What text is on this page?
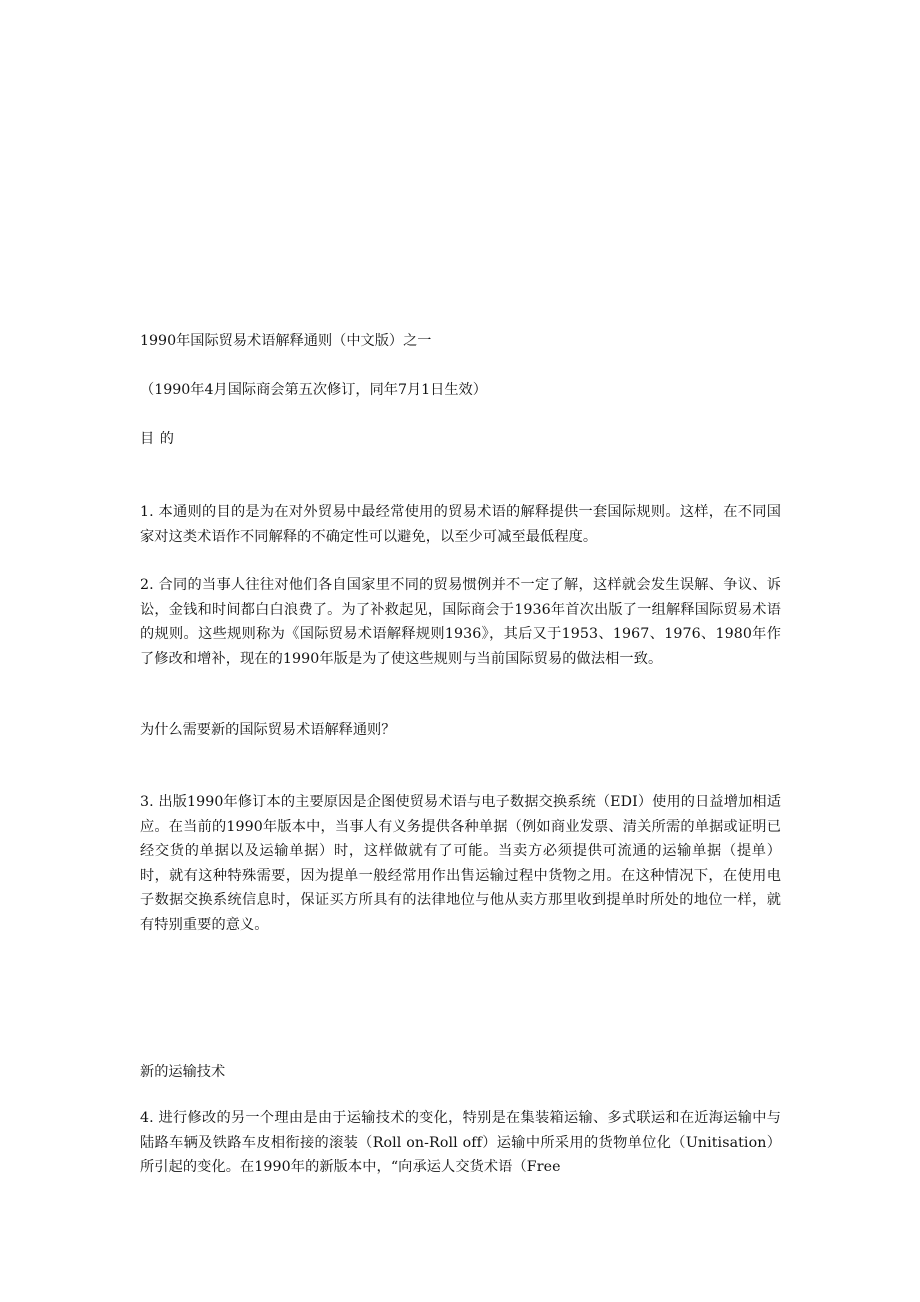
1990年国际贸易术语解释通则（中文版）之一

（1990年4月国际商会第五次修订，同年7月1日生效）

目 的

1. 本通则的目的是为在对外贸易中最经常使用的贸易术语的解释提供一套国际规则。这样，在不同国家对这类术语作不同解释的不确定性可以避免，以至少可减至最低程度。

2. 合同的当事人往往对他们各自国家里不同的贸易惯例并不一定了解，这样就会发生误解、争议、诉讼，金钱和时间都白白浪费了。为了补救起见，国际商会于1936年首次出版了一组解释国际贸易术语的规则。这些规则称为《国际贸易术语解释规则1936》，其后又于1953、1967、1976、1980年作了修改和增补，现在的1990年版是为了使这些规则与当前国际贸易的做法相一致。

为什么需要新的国际贸易术语解释通则？

3. 出版1990年修订本的主要原因是企图使贸易术语与电子数据交换系统（EDI）使用的日益增加相适应。在当前的1990年版本中，当事人有义务提供各种单据（例如商业发票、清关所需的单据或证明已经交货的单据以及运输单据）时，这样做就有了可能。当卖方必须提供可流通的运输单据（提单）时，就有这种特殊需要，因为提单一般经常用作出售运输过程中货物之用。在这种情况下，在使用电子数据交换系统信息时，保证买方所具有的法律地位与他从卖方那里收到提单时所处的地位一样，就有特别重要的意义。

新的运输技术

4. 进行修改的另一个理由是由于运输技术的变化，特别是在集装箱运输、多式联运和在近海运输中与陆路车辆及铁路车皮相衔接的滚装（Roll on-Roll off）运输中所采用的货物单位化（Unitisation）所引起的变化。在1990年的新版本中，“向承运人交货术语（Free
